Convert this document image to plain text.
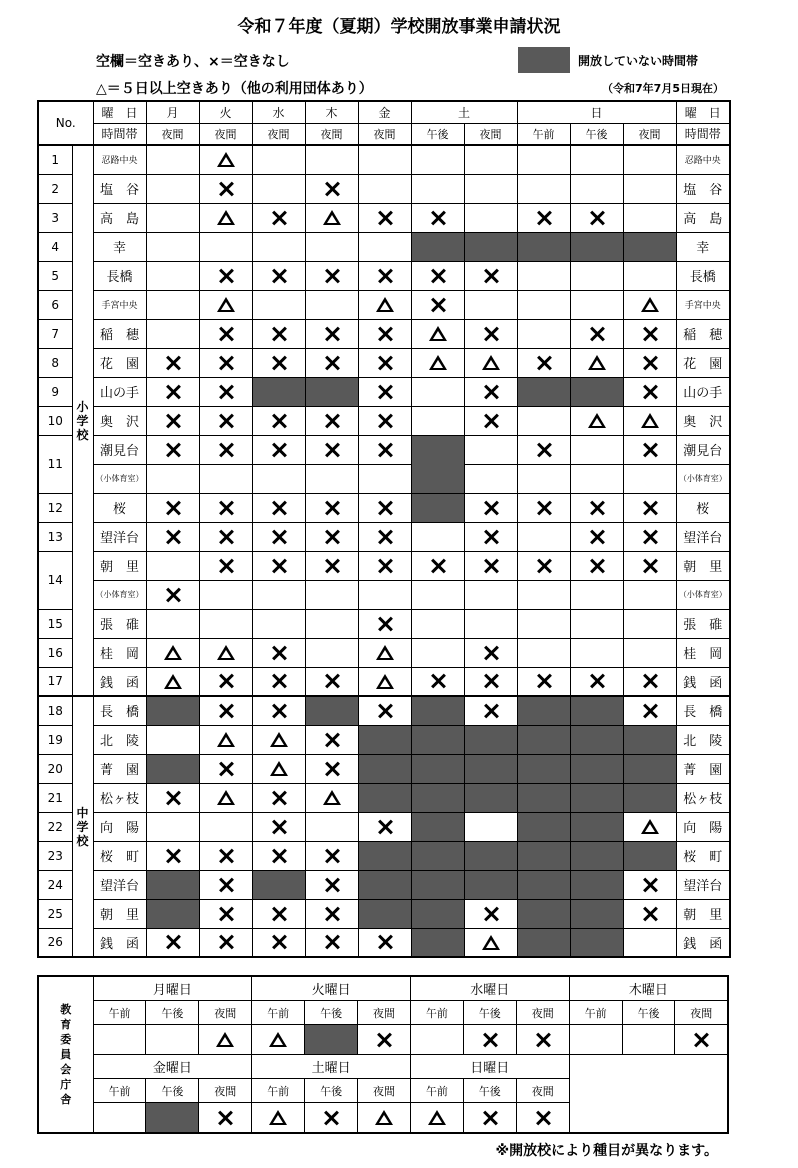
令和７年度（夏期）学校開放事業申請状況
空欄＝空きあり、×＝空きなし
△＝５日以上空きあり（他の利用団体あり）
開放していない時間帯
（令和7年7月5日現在）
No.		曜　日	月	火	水	木	金	土		日			曜　日
		時間帯	夜間	夜間	夜間	夜間	夜間	午後	夜間	午前	午後	夜間	時間帯
1	小学校	忍路中央											忍路中央
2		塩　谷											塩　谷
3		高　島											高　島
4		幸											幸
5		長橋											長橋
6		手宮中央											手宮中央
7		稲　穂											稲　穂
8		花　園											花　園
9		山の手											山の手
10		奥　沢											奥　沢
11		潮見台											潮見台
		（小体育室）											（小体育室）
12		桜											桜
13		望洋台											望洋台
14		朝　里											朝　里
		（小体育室）											（小体育室）
15		張　碓											張　碓
16		桂　岡											桂　岡
17		銭　函											銭　函
18	中学校	長　橋											長　橋
19		北　陵											北　陵
20		菁　園											菁　園
21		松ヶ枝											松ヶ枝
22		向　陽											向　陽
23		桜　町											桜　町
24		望洋台											望洋台
25		朝　里											朝　里
26		銭　函											銭　函
教育委員会庁舎	月曜日			火曜日			水曜日			木曜日		
	午前	午後	夜間	午前	午後	夜間	午前	午後	夜間	午前	午後	夜間

	金曜日			土曜日			日曜日					
	午前	午後	夜間	午前	午後	夜間	午前	午後	夜間			

※開放校により種目が異なります。
